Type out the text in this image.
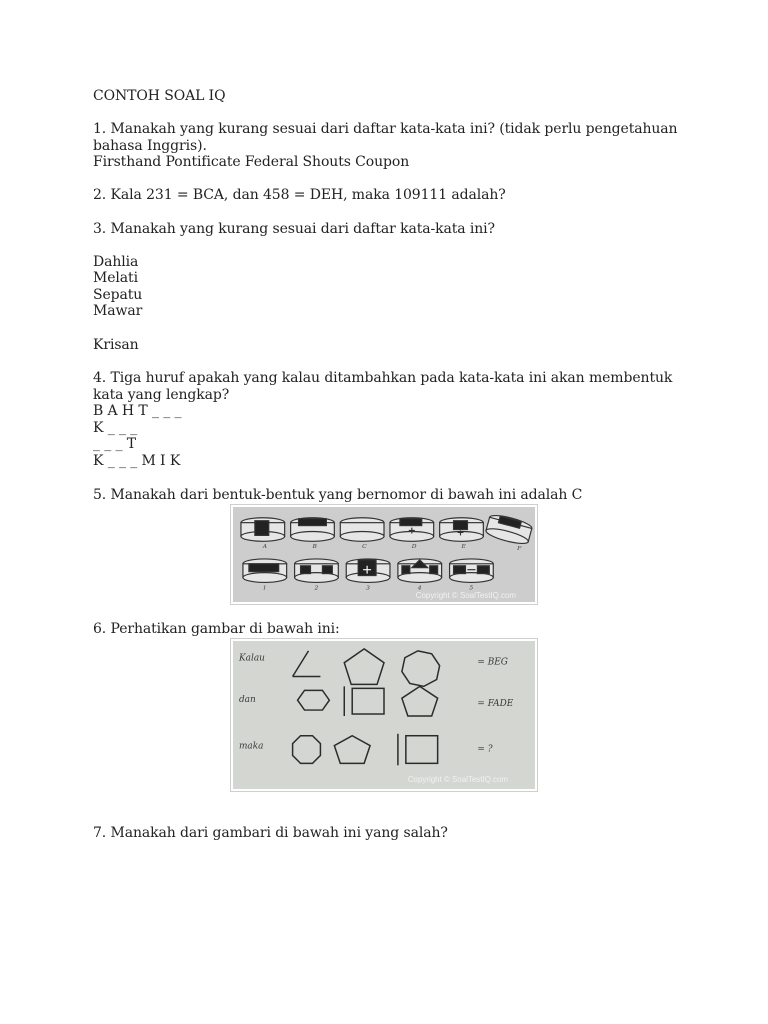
CONTOH SOAL IQ
1. Manakah yang kurang sesuai dari daftar kata-kata ini? (tidak perlu pengetahuan
bahasa Inggris).
Firsthand Pontificate Federal Shouts Coupon
2. Kala 231 = BCA, dan 458 = DEH, maka 109111 adalah?
3. Manakah yang kurang sesuai dari daftar kata-kata ini?
Dahlia
Melati
Sepatu
Mawar
Krisan
4. Tiga huruf apakah yang kalau ditambahkan pada kata-kata ini akan membentuk
kata yang lengkap?
B A H T _ _ _
K _ _ _
_ _ _ T
K _ _ _ M I K
5. Manakah dari bentuk-bentuk yang bernomor di bawah ini adalah C
A	B	C	D	E	F
1	2	3	4	5
Copyright © SoalTestIQ.com
6. Perhatikan gambar di bawah ini:
Kalau
dan
maka
= BEG
= FADE
= ?
Copyright © SoalTestIQ.com
7. Manakah dari gambari di bawah ini yang salah?
